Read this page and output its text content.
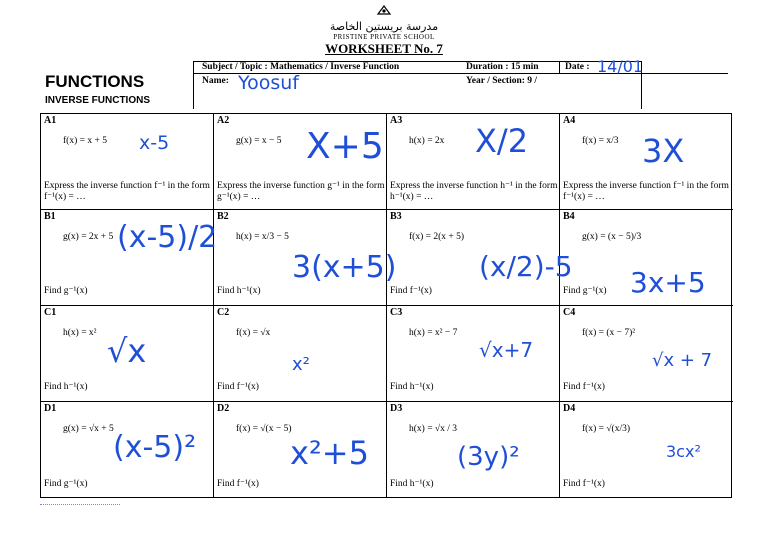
مدرسة بريستين الخاصة
PRISTINE PRIVATE SCHOOL
WORKSHEET No. 7
FUNCTIONS
INVERSE FUNCTIONS
Subject / Topic : Mathematics / Inverse Function	Duration : 15 min	Date : 14/01
Name: Yoosuf	Year / Section: 9 /
A1
f(x) = x + 5 x-5
Express the inverse function f⁻¹ in the form f⁻¹(x) = …
A2
g(x) = x − 5 X+5
Express the inverse function g⁻¹ in the form g⁻¹(x) = …
A3
h(x) = 2x X/2
Express the inverse function h⁻¹ in the form h⁻¹(x) = …
A4
f(x) = x/3 3X
Express the inverse function f⁻¹ in the form f⁻¹(x) = …
B1
g(x) = 2x + 5 (x-5)/2
Find g⁻¹(x)
B2
h(x) = x/3 − 5
3(x+5)
Find h⁻¹(x)
B3
f(x) = 2(x + 5)
(x/2)-5
Find f⁻¹(x)
B4
g(x) = (x − 5)/3
3x+5
Find g⁻¹(x)
C1
h(x) = x² √x
Find h⁻¹(x)
C2
f(x) = √x
x²
Find f⁻¹(x)
C3
h(x) = x² − 7
√x+7
Find h⁻¹(x)
C4
f(x) = (x − 7)²
√x + 7
Find f⁻¹(x)
D1
g(x) = √x + 5
(x-5)²
Find g⁻¹(x)
D2
f(x) = √(x − 5)
x²+5
Find f⁻¹(x)
D3
h(x) = √x / 3
(3y)²
Find h⁻¹(x)
D4
f(x) = √(x/3)
3cx²
Find f⁻¹(x)
